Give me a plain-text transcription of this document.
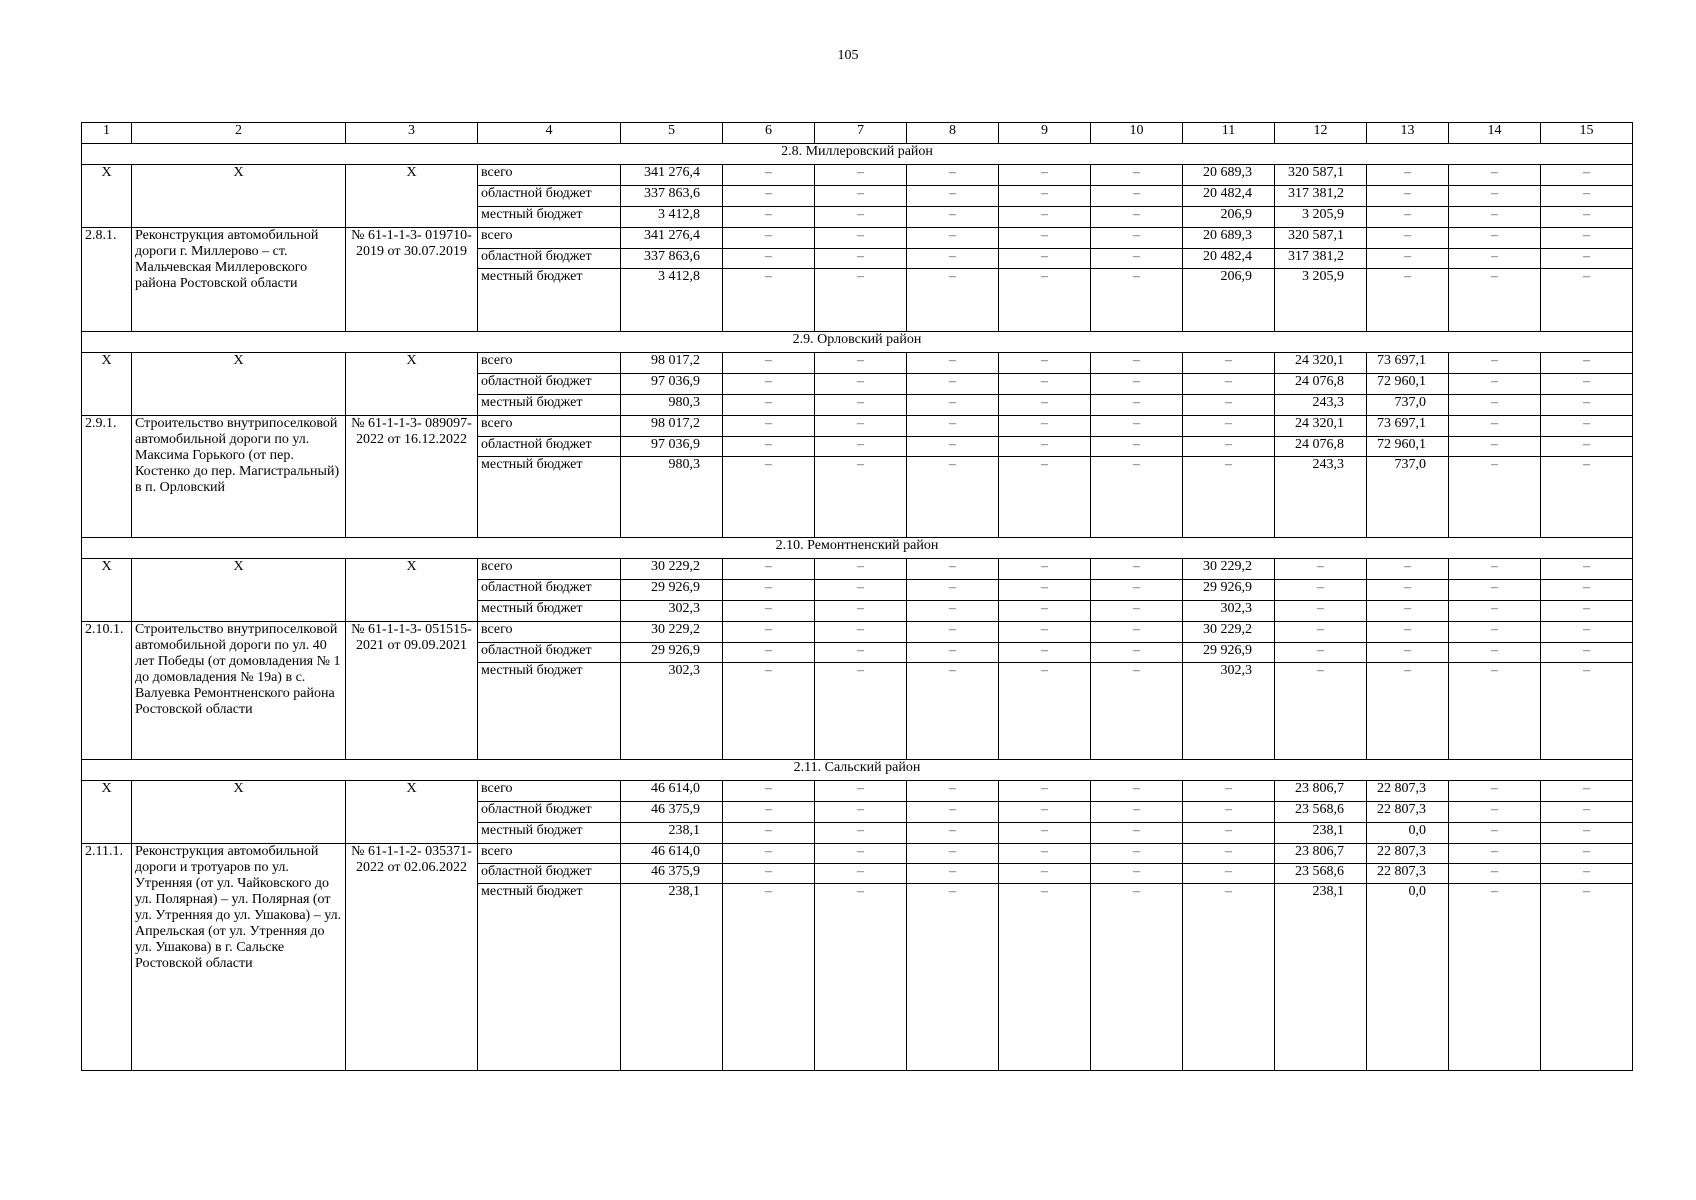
105
1	2	3	4	5	6	7	8	9	10	11	12	13	14	15
2.8. Миллеровский район														
Х	Х	Х	всего	341 276,4	–	–	–	–	–	20 689,3	320 587,1	–	–	–
			областной бюджет	337 863,6	–	–	–	–	–	20 482,4	317 381,2	–	–	–
			местный бюджет	3 412,8	–	–	–	–	–	206,9	3 205,9	–	–	–
2.8.1.	Реконструкция автомобильной дороги г. Миллерово – ст. Мальчевская Миллеровского района Ростовской области	№ 61-1-1-3- 019710-2019 от 30.07.2019	всего	341 276,4	–	–	–	–	–	20 689,3	320 587,1	–	–	–
			областной бюджет	337 863,6	–	–	–	–	–	20 482,4	317 381,2	–	–	–
			местный бюджет	3 412,8	–	–	–	–	–	206,9	3 205,9	–	–	–
2.9. Орловский район														
Х	Х	Х	всего	98 017,2	–	–	–	–	–	–	24 320,1	73 697,1	–	–
			областной бюджет	97 036,9	–	–	–	–	–	–	24 076,8	72 960,1	–	–
			местный бюджет	980,3	–	–	–	–	–	–	243,3	737,0	–	–
2.9.1.	Строительство внутрипоселковой автомобильной дороги по ул. Максима Горького (от пер. Костенко до пер. Магистральный) в п. Орловский	№ 61-1-1-3- 089097-2022 от 16.12.2022	всего	98 017,2	–	–	–	–	–	–	24 320,1	73 697,1	–	–
			областной бюджет	97 036,9	–	–	–	–	–	–	24 076,8	72 960,1	–	–
			местный бюджет	980,3	–	–	–	–	–	–	243,3	737,0	–	–
2.10. Ремонтненский район														
Х	Х	Х	всего	30 229,2	–	–	–	–	–	30 229,2	–	–	–	–
			областной бюджет	29 926,9	–	–	–	–	–	29 926,9	–	–	–	–
			местный бюджет	302,3	–	–	–	–	–	302,3	–	–	–	–
2.10.1.	Строительство внутрипоселковой автомобильной дороги по ул. 40 лет Победы (от домовладения № 1 до домовладения № 19а) в с. Валуевка Ремонтненского района Ростовской области	№ 61-1-1-3- 051515-2021 от 09.09.2021	всего	30 229,2	–	–	–	–	–	30 229,2	–	–	–	–
			областной бюджет	29 926,9	–	–	–	–	–	29 926,9	–	–	–	–
			местный бюджет	302,3	–	–	–	–	–	302,3	–	–	–	–
2.11. Сальский район														
Х	Х	Х	всего	46 614,0	–	–	–	–	–	–	23 806,7	22 807,3	–	–
			областной бюджет	46 375,9	–	–	–	–	–	–	23 568,6	22 807,3	–	–
			местный бюджет	238,1	–	–	–	–	–	–	238,1	0,0	–	–
2.11.1.	Реконструкция автомобильной дороги и тротуаров по ул. Утренняя (от ул. Чайковского до ул. Полярная) – ул. Полярная (от ул. Утренняя до ул. Ушакова) – ул. Апрельская (от ул. Утренняя до ул. Ушакова) в г. Сальске Ростовской области	№ 61-1-1-2- 035371-2022 от 02.06.2022	всего	46 614,0	–	–	–	–	–	–	23 806,7	22 807,3	–	–
			областной бюджет	46 375,9	–	–	–	–	–	–	23 568,6	22 807,3	–	–
			местный бюджет	238,1	–	–	–	–	–	–	238,1	0,0	–	–
